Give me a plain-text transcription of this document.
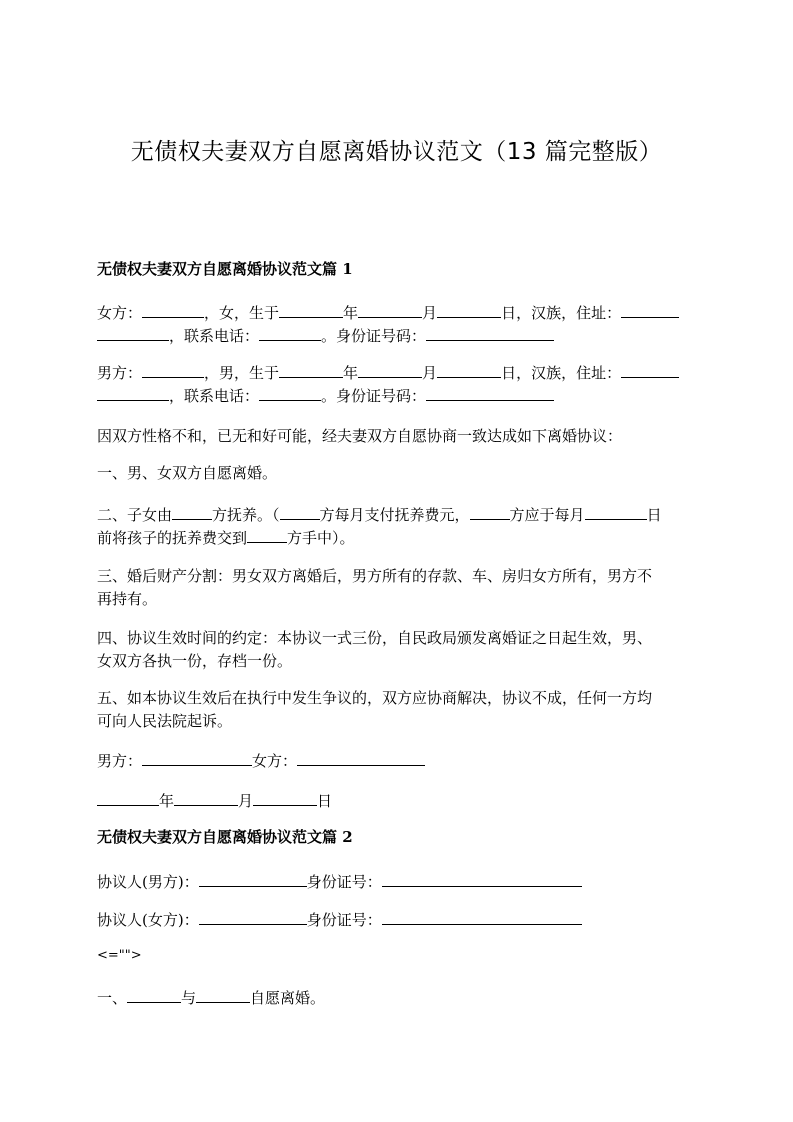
无债权夫妻双方自愿离婚协议范文（13 篇完整版）
无债权夫妻双方自愿离婚协议范文篇 1
女方：	，女，生于	年	月	日，汉族，住址：
，联系电话：	。身份证号码：
男方：	，男，生于	年	月	日，汉族，住址：
，联系电话：	。身份证号码：
因双方性格不和，已无和好可能，经夫妻双方自愿协商一致达成如下离婚协议：
一、男、女双方自愿离婚。
二、子女由	方抚养。（	方每月支付抚养费元，	方应于每月	日
前将孩子的抚养费交到	方手中）。
三、婚后财产分割：男女双方离婚后，男方所有的存款、车、房归女方所有，男方不
再持有。
四、协议生效时间的约定：本协议一式三份，自民政局颁发离婚证之日起生效，男、
女双方各执一份，存档一份。
五、如本协议生效后在执行中发生争议的，双方应协商解决，协议不成，任何一方均
可向人民法院起诉。
男方：	女方：
年	月	日
无债权夫妻双方自愿离婚协议范文篇 2
协议人(男方)：	身份证号：
协议人(女方)：	身份证号：
<="">
一、	与	自愿离婚。
